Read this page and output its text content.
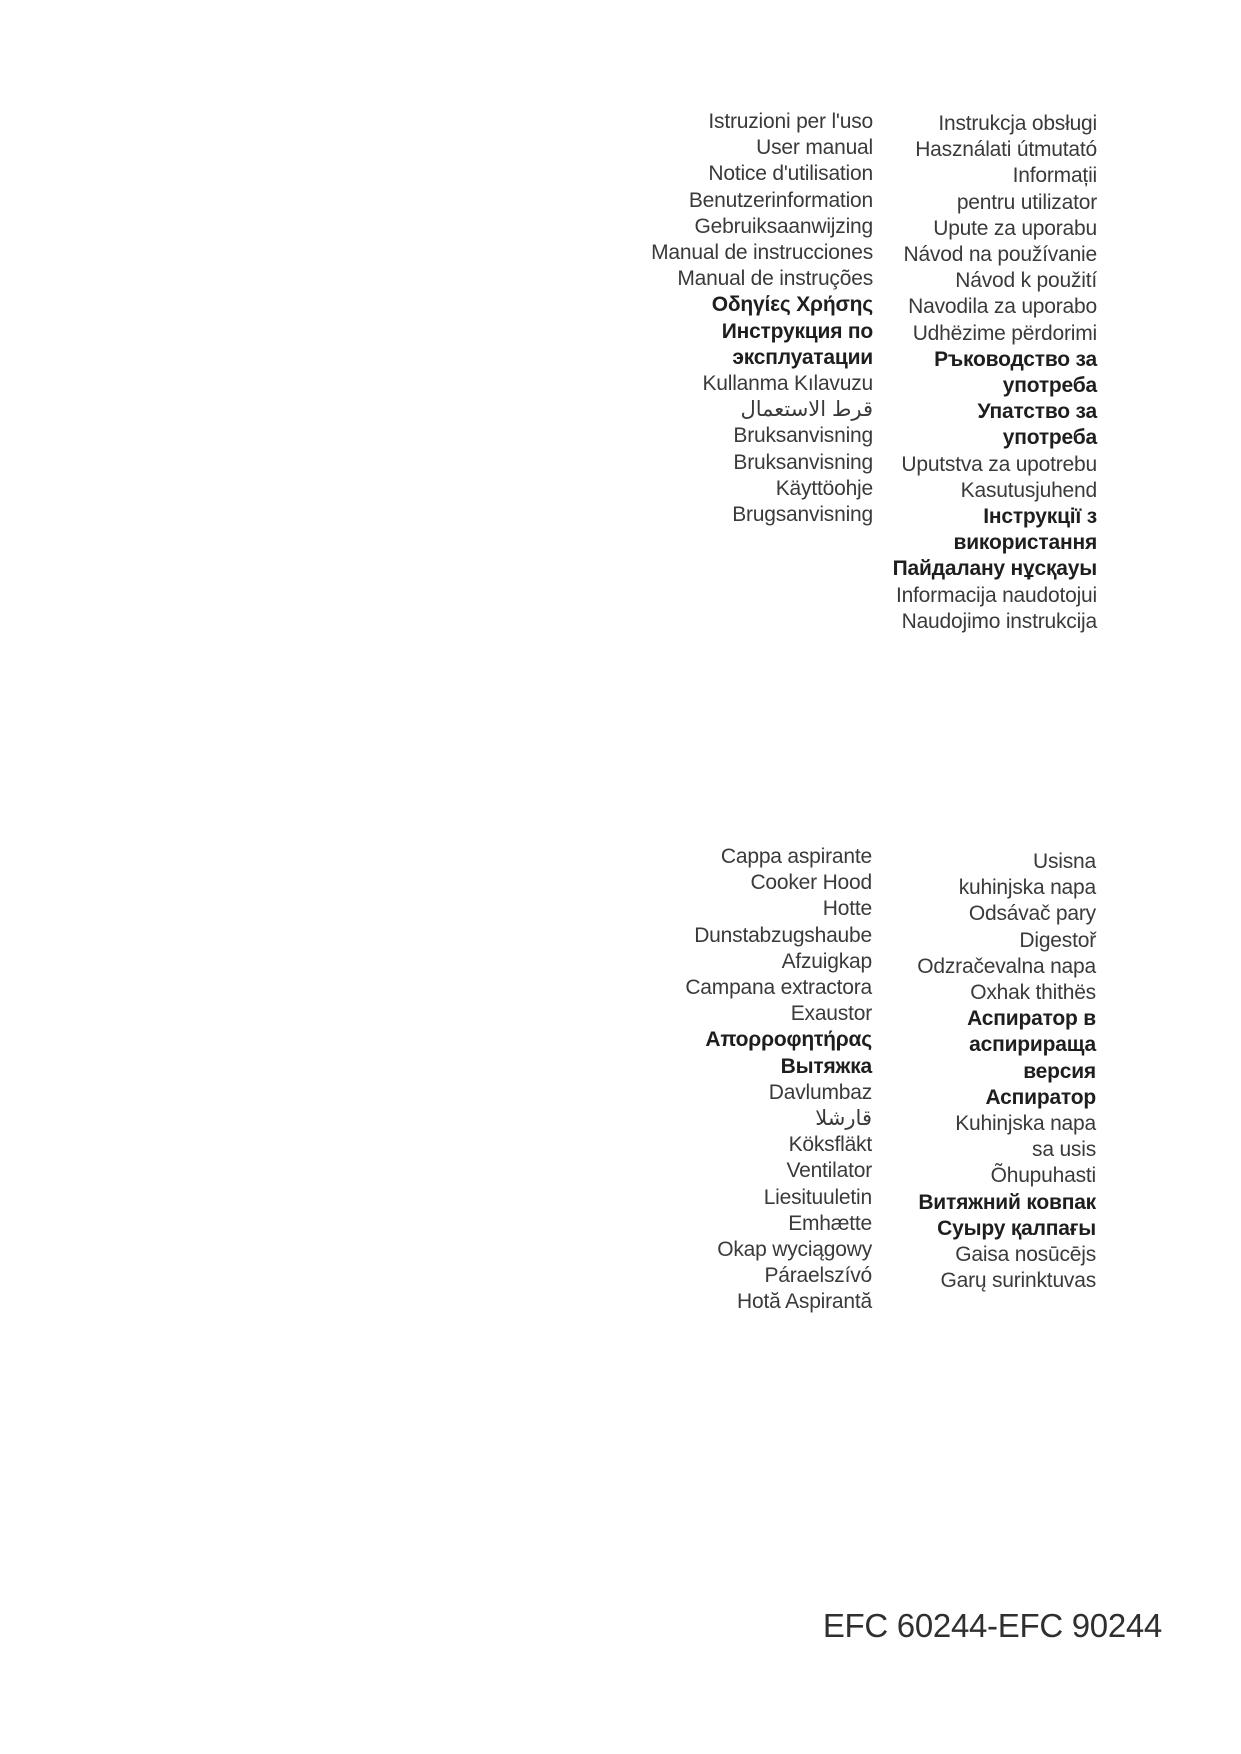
Istruzioni per l'uso
User manual
Notice d'utilisation
Benutzerinformation
Gebruiksaanwijzing
Manual de instrucciones
Manual de instruções
Οδηγίες Χρήσης
Инструкция по
эксплуатации
Kullanma Kılavuzu
قرط الاستعمال
Bruksanvisning
Bruksanvisning
Käyttöohje
Brugsanvisning
Instrukcja obsługi
Használati útmutató
Informații
pentru utilizator
Upute za uporabu
Návod na používanie
Návod k použití
Navodila za uporabo
Udhëzime përdorimi
Ръководство за
употреба
Упатство за
употреба
Uputstva za upotrebu
Kasutusjuhend
Інструкції з
використання
Пайдалану нұсқауы
Informacija naudotojui
Naudojimo instrukcija
Cappa aspirante
Cooker Hood
Hotte
Dunstabzugshaube
Afzuigkap
Campana extractora
Exaustor
Απορροφητήρας
Вытяжка
Davlumbaz
قارشلا
Köksfläkt
Ventilator
Liesituuletin
Emhætte
Okap wyciągowy
Páraelszívó
Hotă Aspirantă
Usisna
kuhinjska napa
Odsávač pary
Digestoř
Odzračevalna napa
Oxhak thithës
Аспиратор в
аспирираща
версия
Аспиратор
Kuhinjska napa
sa usis
Õhupuhasti
Витяжний ковпак
Суыру қалпағы
Gaisa nosūcējs
Garų surinktuvas
EFC 60244-EFC 90244
